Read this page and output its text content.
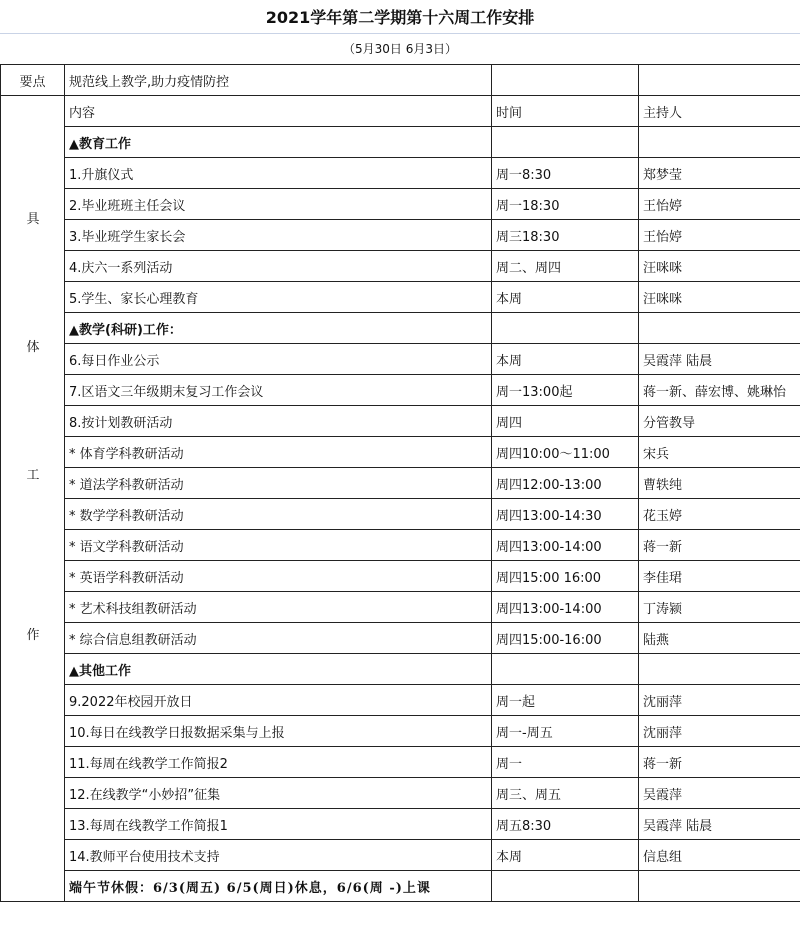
2021学年第二学期第十六周工作安排
（5月30日 6月3日）
要点	规范线上教学,助力疫情防控		

具
体
工
作	内容	时间	主持人
	▲教育工作		
	1.升旗仪式	周一8:30	郑梦莹
	2.毕业班班主任会议	周一18:30	王怡婷
	3.毕业班学生家长会	周三18:30	王怡婷
	4.庆六一系列活动	周二、周四	汪咪咪
	5.学生、家长心理教育	本周	汪咪咪
	▲教学(科研)工作：		
	6.每日作业公示	本周	吴霞萍 陆晨
	7.区语文三年级期末复习工作会议	周一13:00起	蒋一新、薛宏博、姚琳怡
	8.按计划教研活动	周四	分管教导
	* 体育学科教研活动	周四10:00～11:00	宋兵
	* 道法学科教研活动	周四12:00-13:00	曹轶纯
	* 数学学科教研活动	周四13:00-14:30	花玉婷
	* 语文学科教研活动	周四13:00-14:00	蒋一新
	* 英语学科教研活动	周四15:00 16:00	李佳珺
	* 艺术科技组教研活动	周四13:00-14:00	丁涛颍
	* 综合信息组教研活动	周四15:00-16:00	陆燕
	▲其他工作		
	9.2022年校园开放日	周一起	沈丽萍
	10.每日在线教学日报数据采集与上报	周一-周五	沈丽萍
	11.每周在线教学工作简报2	周一	蒋一新
	12.在线教学“小妙招”征集	周三、周五	吴霞萍
	13.每周在线教学工作简报1	周五8:30	吴霞萍 陆晨
	14.教师平台使用技术支持	本周	信息组
	端午节休假：6/3(周五) 6/5(周日)休息，6/6(周 -)上课		
